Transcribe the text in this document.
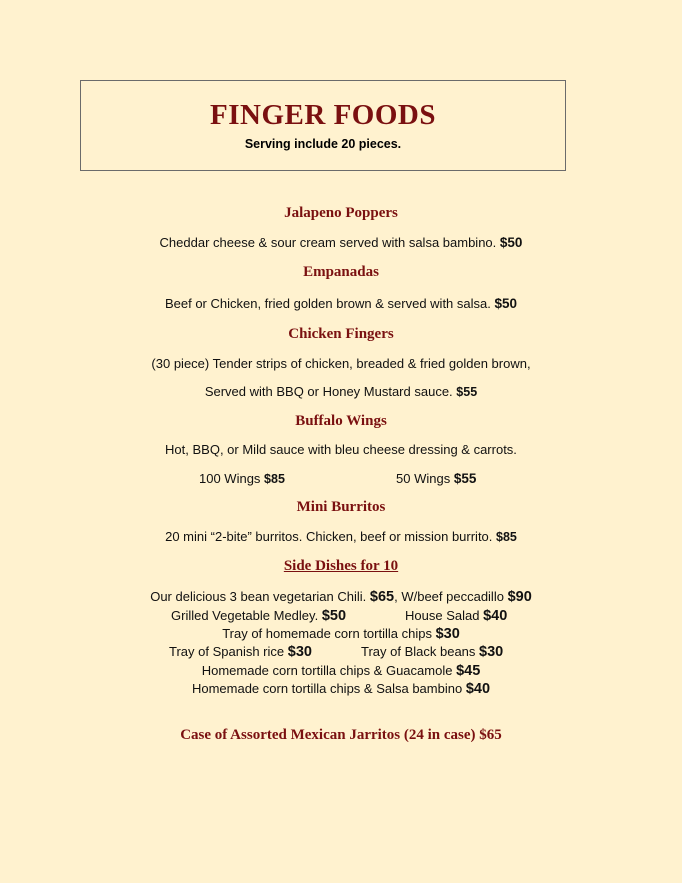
FINGER FOODS
Serving include 20 pieces.
Jalapeno Poppers
Cheddar cheese & sour cream served with salsa bambino. $50
Empanadas
Beef or Chicken, fried golden brown & served with salsa. $50
Chicken Fingers
(30 piece) Tender strips of chicken, breaded & fried golden brown,
Served with BBQ or Honey Mustard sauce. $55
Buffalo Wings
Hot, BBQ, or Mild sauce with bleu cheese dressing & carrots.
100 Wings $85	50 Wings $55
Mini Burritos
20 mini “2-bite” burritos. Chicken, beef or mission burrito. $85
Side Dishes for 10
Our delicious 3 bean vegetarian Chili. $65, W/beef peccadillo $90
Grilled Vegetable Medley. $50	House Salad $40
Tray of homemade corn tortilla chips $30
Tray of Spanish rice $30	Tray of Black beans $30
Homemade corn tortilla chips & Guacamole $45
Homemade corn tortilla chips & Salsa bambino $40
Case of Assorted Mexican Jarritos (24 in case) $65
